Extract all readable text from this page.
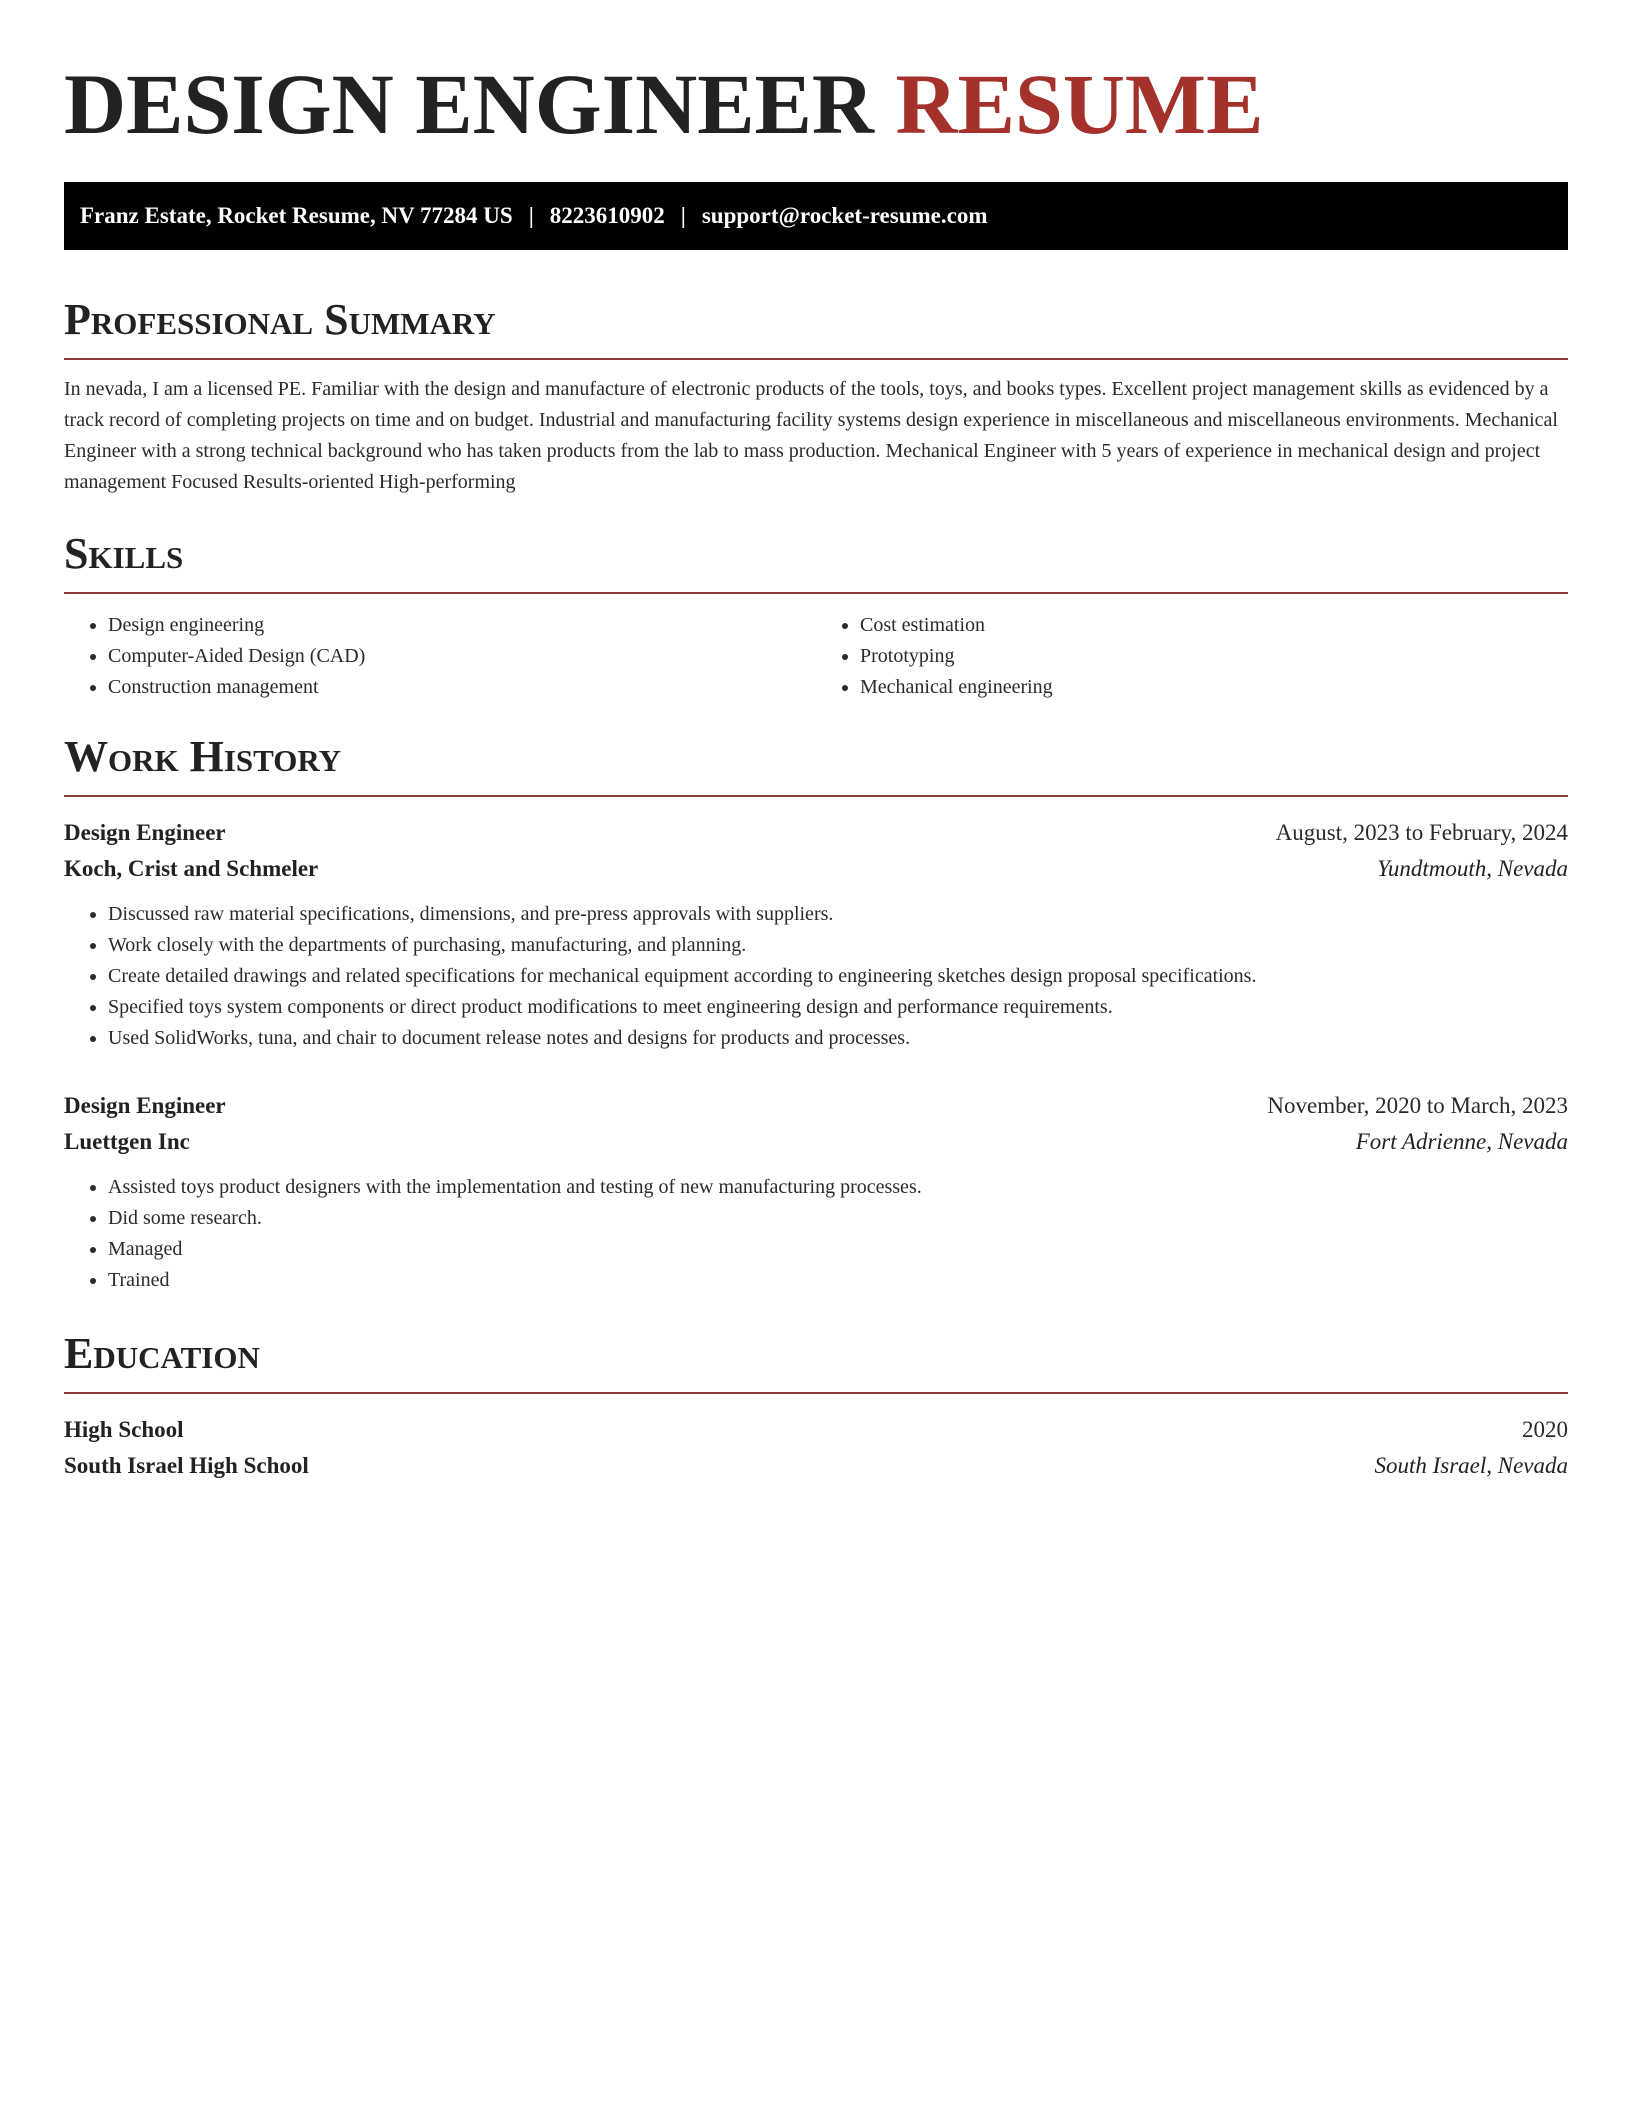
DESIGN ENGINEER RESUME
Franz Estate, Rocket Resume, NV 77284 US | 8223610902 | support@rocket-resume.com
Professional Summary

In nevada, I am a licensed PE. Familiar with the design and manufacture of electronic products of the tools, toys, and books types. Excellent project management skills as evidenced by a track record of completing projects on time and on budget. Industrial and manufacturing facility systems design experience in miscellaneous and miscellaneous environments. Mechanical Engineer with a strong technical background who has taken products from the lab to mass production. Mechanical Engineer with 5 years of experience in mechanical design and project management Focused Results-oriented High-performing

Skills
• Design engineering
• Computer-Aided Design (CAD)
• Construction management
• Cost estimation
• Prototyping
• Mechanical engineering
Work History
Design Engineer	August, 2023 to February, 2024
Koch, Crist and Schmeler	Yundtmouth, Nevada
• Discussed raw material specifications, dimensions, and pre-press approvals with suppliers.
• Work closely with the departments of purchasing, manufacturing, and planning.
• Create detailed drawings and related specifications for mechanical equipment according to engineering sketches design proposal specifications.
• Specified toys system components or direct product modifications to meet engineering design and performance requirements.
• Used SolidWorks, tuna, and chair to document release notes and designs for products and processes.
Design Engineer	November, 2020 to March, 2023
Luettgen Inc	Fort Adrienne, Nevada
• Assisted toys product designers with the implementation and testing of new manufacturing processes.
• Did some research.
• Managed
• Trained
Education
High School	2020
South Israel High School	South Israel, Nevada
